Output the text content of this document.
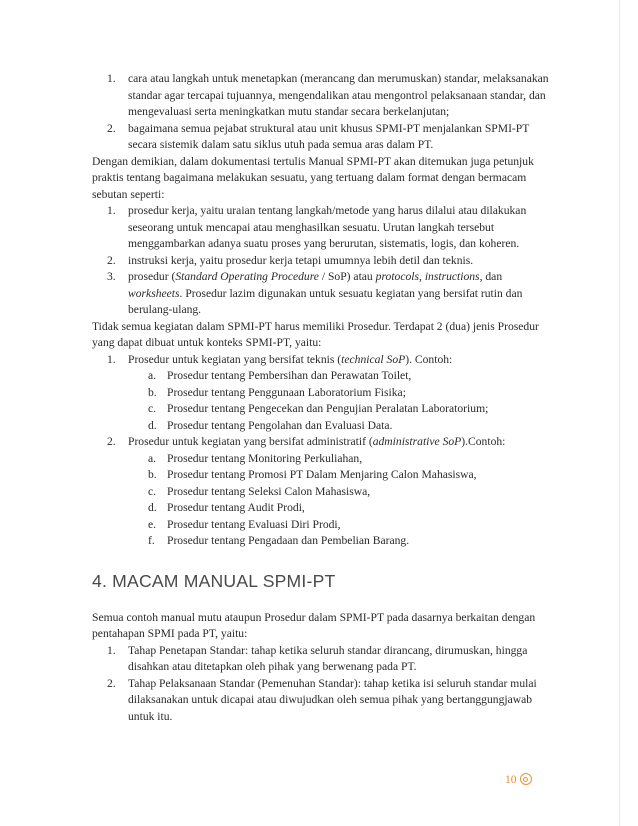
1. cara atau langkah untuk menetapkan (merancang dan merumuskan) standar, melaksanakan standar agar tercapai tujuannya, mengendalikan atau mengontrol pelaksanaan standar, dan mengevaluasi serta meningkatkan mutu standar secara berkelanjutan;
2. bagaimana semua pejabat struktural atau unit khusus SPMI-PT menjalankan SPMI-PT secara sistemik dalam satu siklus utuh pada semua aras dalam PT.

Dengan demikian, dalam dokumentasi tertulis Manual SPMI-PT akan ditemukan juga petunjuk praktis tentang bagaimana melakukan sesuatu, yang tertuang dalam format dengan bermacam sebutan seperti:

1. prosedur kerja, yaitu uraian tentang langkah/metode yang harus dilalui atau dilakukan seseorang untuk mencapai atau menghasilkan sesuatu. Urutan langkah tersebut menggambarkan adanya suatu proses yang berurutan, sistematis, logis, dan koheren.
2. instruksi kerja, yaitu prosedur kerja tetapi umumnya lebih detil dan teknis.
3. prosedur (Standard Operating Procedure / SoP) atau protocols, instructions, dan worksheets. Prosedur lazim digunakan untuk sesuatu kegiatan yang bersifat rutin dan berulang-ulang.

Tidak semua kegiatan dalam SPMI-PT harus memiliki Prosedur. Terdapat 2 (dua) jenis Prosedur yang dapat dibuat untuk konteks SPMI-PT, yaitu:

1. Prosedur untuk kegiatan yang bersifat teknis (technical SoP). Contoh:
a. Prosedur tentang Pembersihan dan Perawatan Toilet,
b. Prosedur tentang Penggunaan Laboratorium Fisika;
c. Prosedur tentang Pengecekan dan Pengujian Peralatan Laboratorium;
d. Prosedur tentang Pengolahan dan Evaluasi Data.
2. Prosedur untuk kegiatan yang bersifat administratif (administrative SoP).Contoh:
a. Prosedur tentang Monitoring Perkuliahan,
b. Prosedur tentang Promosi PT Dalam Menjaring Calon Mahasiswa,
c. Prosedur tentang Seleksi Calon Mahasiswa,
d. Prosedur tentang Audit Prodi,
e. Prosedur tentang Evaluasi Diri Prodi,
f. Prosedur tentang Pengadaan dan Pembelian Barang.
4. MACAM MANUAL SPMI-PT

Semua contoh manual mutu ataupun Prosedur dalam SPMI-PT pada dasarnya berkaitan dengan pentahapan SPMI pada PT, yaitu:

1. Tahap Penetapan Standar: tahap ketika seluruh standar dirancang, dirumuskan, hingga disahkan atau ditetapkan oleh pihak yang berwenang pada PT.
2. Tahap Pelaksanaan Standar (Pemenuhan Standar): tahap ketika isi seluruh standar mulai dilaksanakan untuk dicapai atau diwujudkan oleh semua pihak yang bertanggungjawab untuk itu.
10
